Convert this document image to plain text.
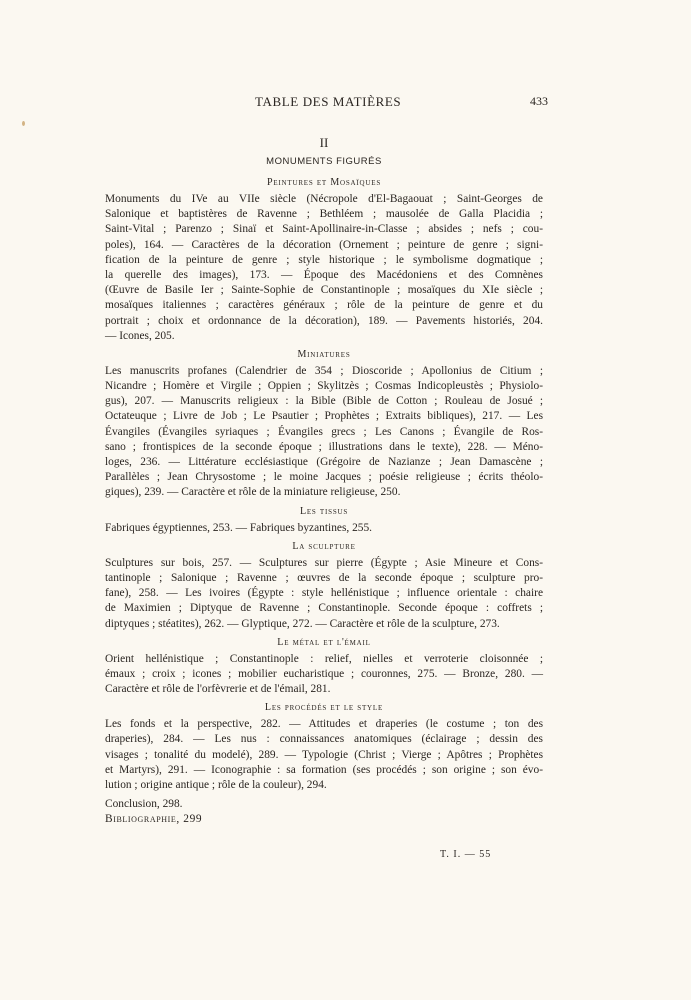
TABLE DES MATIÈRES	433
II
MONUMENTS FIGURÉS
Peintures et Mosaïques
Monuments du IVe au VIIe siècle (Nécropole d'El-Bagaouat ; Saint-Georges de
Salonique et baptistères de Ravenne ; Bethléem ; mausolée de Galla Placidia ;
Saint-Vital ; Parenzo ; Sinaï et Saint-Apollinaire-in-Classe ; absides ; nefs ; cou-
poles), 164. — Caractères de la décoration (Ornement ; peinture de genre ; signi-
fication de la peinture de genre ; style historique ; le symbolisme dogmatique ;
la querelle des images), 173. — Époque des Macédoniens et des Comnènes
(Œuvre de Basile Ier ; Sainte-Sophie de Constantinople ; mosaïques du XIe siècle ;
mosaïques italiennes ; caractères généraux ; rôle de la peinture de genre et du
portrait ; choix et ordonnance de la décoration), 189. — Pavements historiés, 204.
— Icones, 205.
Miniatures
Les manuscrits profanes (Calendrier de 354 ; Dioscoride ; Apollonius de Citium ;
Nicandre ; Homère et Virgile ; Oppien ; Skylitzès ; Cosmas Indicopleustès ; Physiolo-
gus), 207. — Manuscrits religieux : la Bible (Bible de Cotton ; Rouleau de Josué ;
Octateuque ; Livre de Job ; Le Psautier ; Prophètes ; Extraits bibliques), 217. — Les
Évangiles (Évangiles syriaques ; Évangiles grecs ; Les Canons ; Évangile de Ros-
sano ; frontispices de la seconde époque ; illustrations dans le texte), 228. — Méno-
loges, 236. — Littérature ecclésiastique (Grégoire de Nazianze ; Jean Damascène ;
Parallèles ; Jean Chrysostome ; le moine Jacques ; poésie religieuse ; écrits théolo-
giques), 239. — Caractère et rôle de la miniature religieuse, 250.
Les tissus
Fabriques égyptiennes, 253. — Fabriques byzantines, 255.
La sculpture
Sculptures sur bois, 257. — Sculptures sur pierre (Égypte ; Asie Mineure et Cons-
tantinople ; Salonique ; Ravenne ; œuvres de la seconde époque ; sculpture pro-
fane), 258. — Les ivoires (Égypte : style hellénistique ; influence orientale : chaire
de Maximien ; Diptyque de Ravenne ; Constantinople. Seconde époque : coffrets ;
diptyques ; stéatites), 262. — Glyptique, 272. — Caractère et rôle de la sculpture, 273.
Le métal et l'émail
Orient hellénistique ; Constantinople : relief, nielles et verroterie cloisonnée ;
émaux ; croix ; icones ; mobilier eucharistique ; couronnes, 275. — Bronze, 280. —
Caractère et rôle de l'orfèvrerie et de l'émail, 281.
Les procédés et le style
Les fonds et la perspective, 282. — Attitudes et draperies (le costume ; ton des
draperies), 284. — Les nus : connaissances anatomiques (éclairage ; dessin des
visages ; tonalité du modelé), 289. — Typologie (Christ ; Vierge ; Apôtres ; Prophètes
et Martyrs), 291. — Iconographie : sa formation (ses procédés ; son origine ; son évo-
lution ; origine antique ; rôle de la couleur), 294.
Conclusion, 298.
Bibliographie, 299
T. I. — 55
